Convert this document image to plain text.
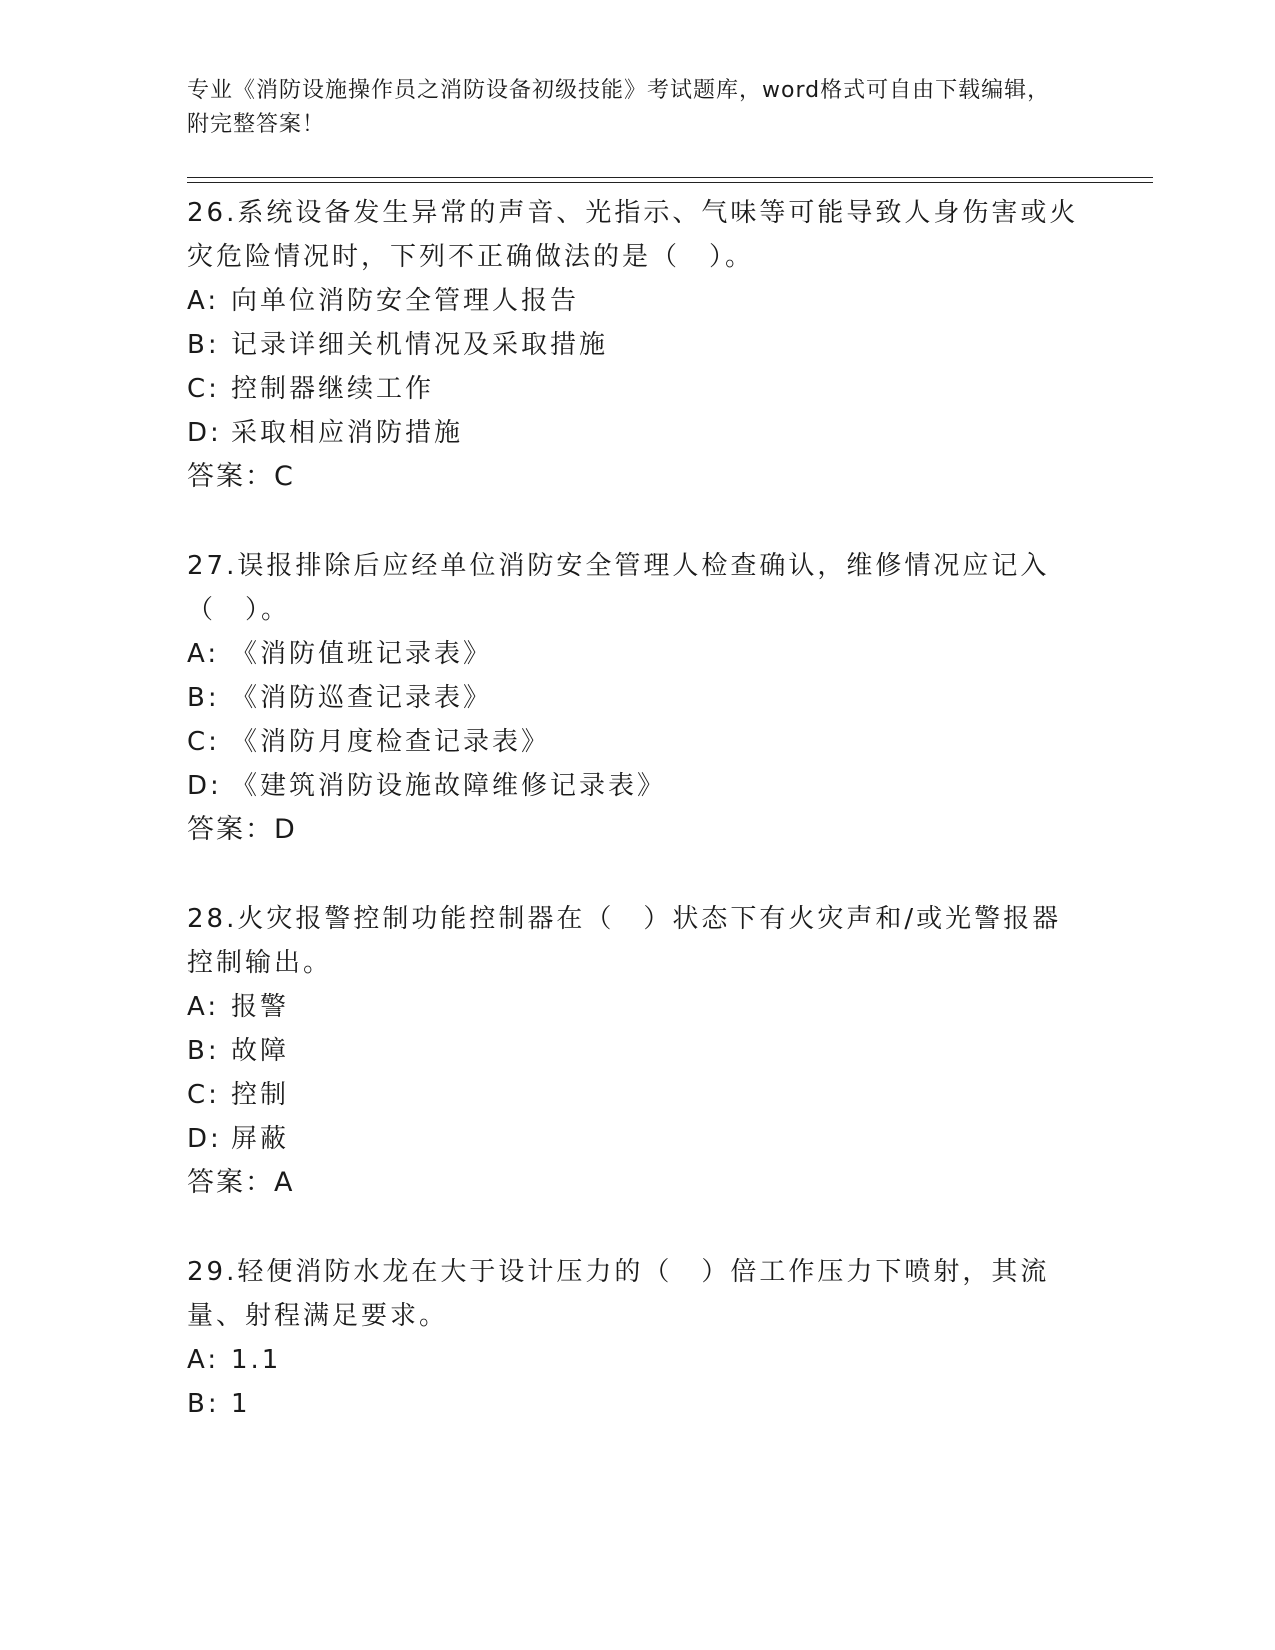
专业《消防设施操作员之消防设备初级技能》考试题库，word格式可自由下载编辑，附完整答案！

26.系统设备发生异常的声音、光指示、气味等可能导致人身伤害或火灾危险情况时，下列不正确做法的是（　）。

A: 向单位消防安全管理人报告
B: 记录详细关机情况及采取措施
C: 控制器继续工作
D: 采取相应消防措施
答案：C

27.误报排除后应经单位消防安全管理人检查确认，维修情况应记入（　）。

A: 《消防值班记录表》
B: 《消防巡查记录表》
C: 《消防月度检查记录表》
D: 《建筑消防设施故障维修记录表》
答案：D

28.火灾报警控制功能控制器在（　）状态下有火灾声和/或光警报器控制输出。

A: 报警
B: 故障
C: 控制
D: 屏蔽
答案：A

29.轻便消防水龙在大于设计压力的（　）倍工作压力下喷射，其流量、射程满足要求。

A: 1.1
B: 1
